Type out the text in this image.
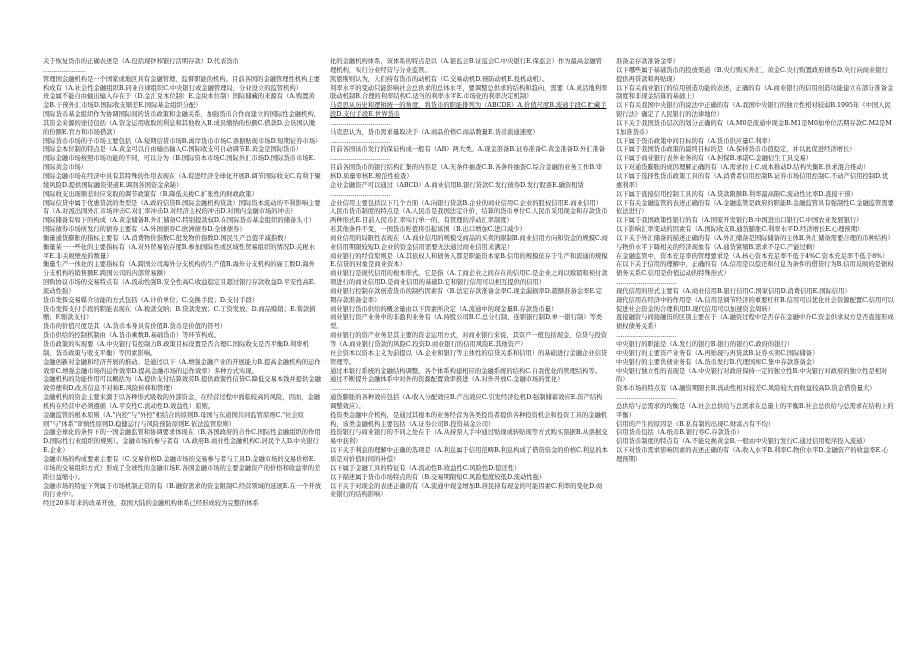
关于恢复货币的正确表述是（A.包括现钞和银行活期存款）D.代表货币
…………………
管理国金融机构是一个国家或地区具有金融管理、监督职能的机构。目前各国的金融管理性机构主要构成有（A.社会性金融组织B.同业自律组织C.中央银行或金融管理局，分业设立的监管机构）
贵金属不能自由输出输入存在于（D.金汇兑本位制）E.金块本位制）国际储藏的来源有（A.购置黄金B.干预外汇市场D.国际收支顺差E.国际基金组织分配）
国际货币基金组织作为协调国际间的货币政策和金融关系、加强货币合作而建立的国际性金融机构，其资金来源的途径包括（A.资金运用收取的利息和其他收入B.成员缴纳的份额C.借款D.会员国认缴的份额E.官方和市场借款）
国际货币市场的子市场主要包括（A.短期信贷市场B.离岸货币市场C.票据贴现市场D.短期证券市场）
国际金本位制的特点是（A.黄金可以自由输出输入C.国际收支可自动调节E.黄金是国际货币）
国际金融市场按照市场功能的不同，可以分为（B.国际资本市场C.国际外汇市场D.国际货币市场E.国际黄金市场）
国际金融市场在经济中具有其特殊的作用表现在（A.促进经济全球化开展B.调节国际收支C.有利于聚缓风险D.提供国际融资渠道E.调剂各国资金余缺）
国际收支出现顺差时应采取的调节政策有（B.降低关税C.扩张性的财政政策）
国际信贷中属于优惠贷款的类型是（A.政府信贷B.国际金融机构贷款）国际资本流动的不利影响主要有（A.对流出国外汇市场冲击C.对汇率冲击D.对经济主权的冲击D.对国内金融市场的冲击）
国际储备有如下的构成（A.黄金储备B.外汇储备C.特别提款权D.在国际货币基金组织的储备头寸）
国际债券市场所发行的债券主要有（A.外国债券C.欧洲债券D.全球债券）
衡量通货膨胀的指标主要有（A.消费物价指数C.批发物价指数D.国民生产总值平减指数）
衡量某一一些化的主要指标有（A.对外贸易依存度B.参加国际性或区域性贸易组织的情况D.关税水平E.非关税壁垒的数量）
衡量生产一体化的主要指标有（A.跨国公司海外分支机构的生产值B.海外分支机构的雇工数D.海外分支机构的销售额E.跨国公司的内部贸易额）
回购协议市场的交易特点有（A.流动性强B.安全性高C.收益稳定且超过银行存款收益D.平安性高E.流动性强）
货币发挥交易媒介功能的方式包括（A.计价单位；C.交换手段；D.支付手段）
货币发挥支付手段的职能表现在（A.税款交纳；B.贷款发放；C.工资发放；D.商品赊销；E.赏款捐赠；F.赔款支付）
货币的价值尺度是其（A.货币本身具有价值B.货币是价值的符号）
货币供给的控制机制由（A.货币乘数B.基础货币）等环节构成。
货币政策的实现要（A.中央银行有控制力B.政策目标设置是否合理C.国际收支是否平衡D.利率机制、货币政策与收支平衡）等因素影响。
金融创新对金融和经济开展的推动。是通过以下（A.增强金融产业的开展能力B.提高金融机构的运作效率C.增强金融市场的运作效率D.提高金融市场的运作效率）多种方式实现。
金融机构的功能作用可以概括为（A.提供支付结算效劳B.提供政策性信贷C.降低交易本钱并提供金融效劳便利D.改善信息不对称E.风险转移和管理）
金融机构的资金主要来源于以各种形式吸收的外部资金，在经营过程中面临较高的风险，因而，金融机构在经营中必须遵循（A.平安性C.流动性D.效益性）原则。
金融监管的根本原则（A."内控"与"外控"相结合的原则B.母国与东道国共同监管原则C."社会原则"与"体系"审慎性原则D.稳健运行与风险预防原则E.依法监管原则）
金融全球化的条件下的一国金融监管和协调要求体现在（B.各国政府的合作C.国际性金融组织的作用D.国际性行业组织的规则）。金融市场的参与者有（A.政府B.商业性金融机构C.居民个人D.中央银行E.企业）
金融市场的构成要素主要有（C.交易价格D.金融市场的交易参与者与工具D.金融市场的交易价格E.市场的交易组织方式）形成了全球性的金融市场E.各国金融市场的主要金融资产的价格和收益率的差距日益缩小）。
金融市场的特征下列属于市场机制正常的有（B.融资需求的资金限制C.经营领域的延展E.在一个开放的行业中）。
经过20多年来的改革开放，我国大陆的金融机构体系已经形成较为完整的体系
化的金融机构体系，该体系的特点是以（A.银监会B.证监会C.中央银行E.保监会）作为最高金融管理机构，实行分业经营与分业监管。
凯恩斯则认为，人们持有货币的动机有（C.交易动机D.预防动机E.投机动机）。
利率水平的变动只能影响社会总供求的总体水平，要调整总供求的结构和趋向，需要（A.灵活地利率联动机制B.合理的利率结构C.适当的利率水平E.市场化的利率决定机制）
马克思从历史和逻辑统一的角度，将货币的职能排列为（ABCDE）A.价值尺度B.流通手段C.贮藏手段D.支付手段E.世界货币
…………………………
马克思认为，货币需求量取决于（A.商品价格C.商品数量E.货币流通速度）
…………………………
目前各国该币发行的保证构成一般有（AB）两大类。A.现金准备B.证券准备C.黄金准备D.外汇准备
…………………………
目前各国货币的银行结构汇集的内容是（A.无条件抽查C.B.各条件抽查C.综合金融的业务工作B.审核D.质量审核E.规范性检查）
企业金融资产可以通过（ABCD）A.商业信用B.银行贷款C.发行债券D.发行股票E.融资租赁
…………………………
企业信用主要包括以下几个方面（A.向银行贷款B.企业的商业信用C.企业的股权信用E.商业信用）
人民币货币制度的特点是（A.人民币是我国法定计价、结算的货币单位C.人民币采用现金和存款货币两种形式E.目前人民币汇率实行单一的、有管理的浮动汇率制度）
若其他条件不变，一国货币贬值将引起该国（B.出口增加C.进口减少）
商业信用的局限性表现在（A.商业信用的规模受商品的买卖的限制B.商业信用方向和资金的规模C.商业信用期限较短D.企业的资金信用需要无法通过商业信用来满足）
商业银行的经营原则是（A.其依权人和债务人都是职能资本家B.信用的规模依存于生产和流通的规模E.信贷的对象是商业资本）
商业银行是现代信用的根本形式。它是指（A.工商企业之间存在的信用C.是企业之间以赊销和预付款项进行的商业信用D.是商业信用的基础D.它和银行信用可以相互提供的信用）
商业银行控制存款创造货币的制约因素有（B.法定存款准备金率C.现金漏损率D.超额准备金率E.定期存款准备金率）
商业银行货币供给的概念量由以下因素所决定（A.流通中的现金量B.存款货币量）
商业银行资产业务中的非盈利业务有（A.持股公司B.C.总分行制、连锁银行制D.单一银行制）等类型。
商业银行的资产业务是其主要的资金运用方式，对商业银行来说，其资产一般包括现金、信贷与投资等（A.商业银行贷款的风险C.投资D.商业银行的信用风险E.其他资产）
社会资本以资本主义为前提以（A.企业和银行等主体性的信贷关系和信用）的基础进行金融企业信贷管理等。
通过本银行系统的金融结构调整。各个体系构建相应的金融系统的结构C.自我优化的管理结构等。
通过不断提升金融体系中对外的资源配置效率推进（A.对外开放C.金融市场的优化）
…………………………
通货膨胀的各种效应包括（A.收入分配效应B.产出效应C.引发经济危机D.强制储蓄效应E.资产结构调整效应）。
投资类金融中介机构，是通过其根本的业务经营为各类投资者提供各种投资机会和投资工具的金融机构，该类金融机构主要包括（A.证券公司B.投资基金公司）
投资银行与商业银行的不同之处在于（A.从持票人手中通过贴现或转贴现等方式购买票据B.从票据交易中获利）
以下关于利息的理解中正确的选项是（A.利息属于信用范畴B.利息构成了借贷资金的价格C.利息的本质是对价值时间的补偿）
以下属于金融工具的特征有（A.流动性B.收益性C.风险性D.偿还性）
以下描述属于货币市场特点的有（B.交易期限短C.风险程度较低D.流动性强）
以下关于对现金的表述正确的有（A.流通中现金增加B.居民持有现金的可能因素C.利率的变化D.商业银行的结构影响）
准备金存款准备金率）
以下哪些属于基础货币的投放渠道（B.央行购买外汇、黄金C.央行购置政府债券D.央行向商业银行提供再贷款和再贴现）
以下有关商业银行的信用创造功能的表述，正确的有（A.商业银行的信用创造功能建立在部分准备金制度和非现金结算的基础上）
以下有关我国中央银行的说法中正确的有（A.我国中央银行的独立性相对较弱B.1995年《中国人民银行法》确定了人民银行的法律地位）
以下关于我国货币层次的划分正确的有（A.M0是流通中现金B.M1是M0加单位活期存款C.M2是M1加准货币）
以下属于货币政策中间目标的有（A.货币供应量C.利率）
以下属于我国货币政策的最终目标的是（A.保持货币币值稳定，并以此促进经济增长）
以下属于商业银行表外业务的有（A.担保B.承诺C.金融衍生工具交易）
以下对通货膨胀的成因理解正确的有（A.需求拉上C.成本推动D.结构失衡E.供求混合推动）
以下属于选择性货币政策工具的有（A.消费者信用控制B.证券市场信用控制C.不动产信用控制D.优惠利率）
以下属于直接信用控制工具的有（A.贷款限额B.利率最高限C.流动性比率D.直接干预）
以下有关金融监管的表述正确的有（A.金融监管是政府的职能B.金融监管具有强制性C.金融监管需要依法进行）
以下属于我国政策性银行的有（A.国家开发银行B.中国进出口银行C.中国农业发展银行）
以下影响汇率变动的因素有（A.国际收支B.通货膨胀C.利率水平D.经济增长E.心理预期）
以下关于外汇储备的描述正确的有（A.外汇储备是国际储备的主体B.外汇储备需要合理的币种结构）
与物价水平下降相关的经济现象有（A.通货紧缩B.需求不足C.产能过剩）
在金融监管中，资本充足率的管理要求是（A.核心资本充足率不低于4%C.资本充足率不低于8%）
在以下关于信用的理解中，正确的有（A.信用是以偿还和付息为条件的借贷行为B.信用反映的是债权债务关系C.信用是价值运动的特殊形式）
…………………………
现代信用的形式主要有（A.商业信用B.银行信用C.国家信用D.消费信用E.国际信用）
现代信用在经济中的作用是（A.信用是调节经济的重要杠杆B.信用可以优化社会资源配置C.信用可以促进社会资金的合理利用D.现代信用可以加速资金周转）
直接融资与间接融资的区别主要在于（A.融资过程中是否存在金融中介C.资金供求双方是否直接形成债权债务关系）
…………………………
中央银行的职能是（A.发行的银行B.银行的银行C.政府的银行）
中央银行的主要资产业务有（A.再贴现与再贷款B.证券买卖C.国际储备）
中央银行的主要负债业务有（A.货币发行B.代理国库C.集中存款准备金）
中央银行独立性的表现是（A.中央银行对政府保持一定的独立性B.中央银行对政府的独立性是相对的）
资本市场的特点有（A.融资期限长B.流动性相对较差C.风险较大而收益较高D.资金借贷量大）
…………………………
总供给与总需求的均衡是（A.社会总供给与总需求在总量上的平衡B.社会总供给与总需求在结构上的平衡）
信用的产生的原因是（B.私有制的出现C.财富占有不均）
信用货币包括（A.纸币B.银行券C.存款货币）
信用货币制度的特点有（A.不能兑换黄金B.一般由中央银行发行C.通过信用程序投入流通）
以下对货币需求影响因素的表述正确的有（A.收入水平B.利率C.物价水平D.金融资产的收益率E.心理预期）
